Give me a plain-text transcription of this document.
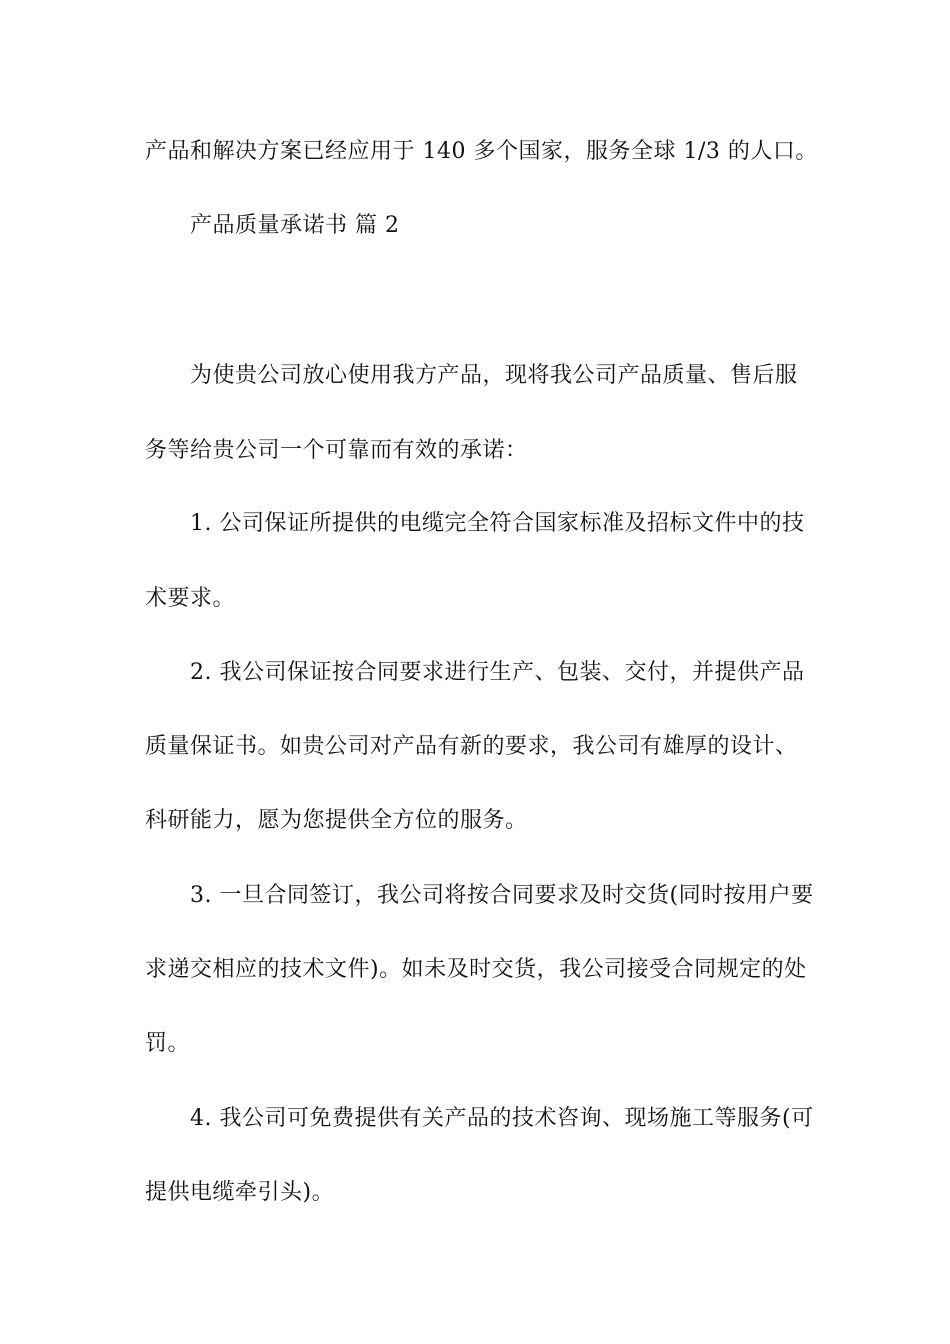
产品和解决方案已经应用于 140 多个国家，服务全球 1/3 的人口。
产品质量承诺书 篇 2
为使贵公司放心使用我方产品，现将我公司产品质量、售后服
务等给贵公司一个可靠而有效的承诺：
1. 公司保证所提供的电缆完全符合国家标准及招标文件中的技
术要求。
2. 我公司保证按合同要求进行生产、包装、交付，并提供产品
质量保证书。如贵公司对产品有新的要求，我公司有雄厚的设计、
科研能力，愿为您提供全方位的服务。
3. 一旦合同签订，我公司将按合同要求及时交货(同时按用户要
求递交相应的技术文件)。如未及时交货，我公司接受合同规定的处
罚。
4. 我公司可免费提供有关产品的技术咨询、现场施工等服务(可
提供电缆牵引头)。
